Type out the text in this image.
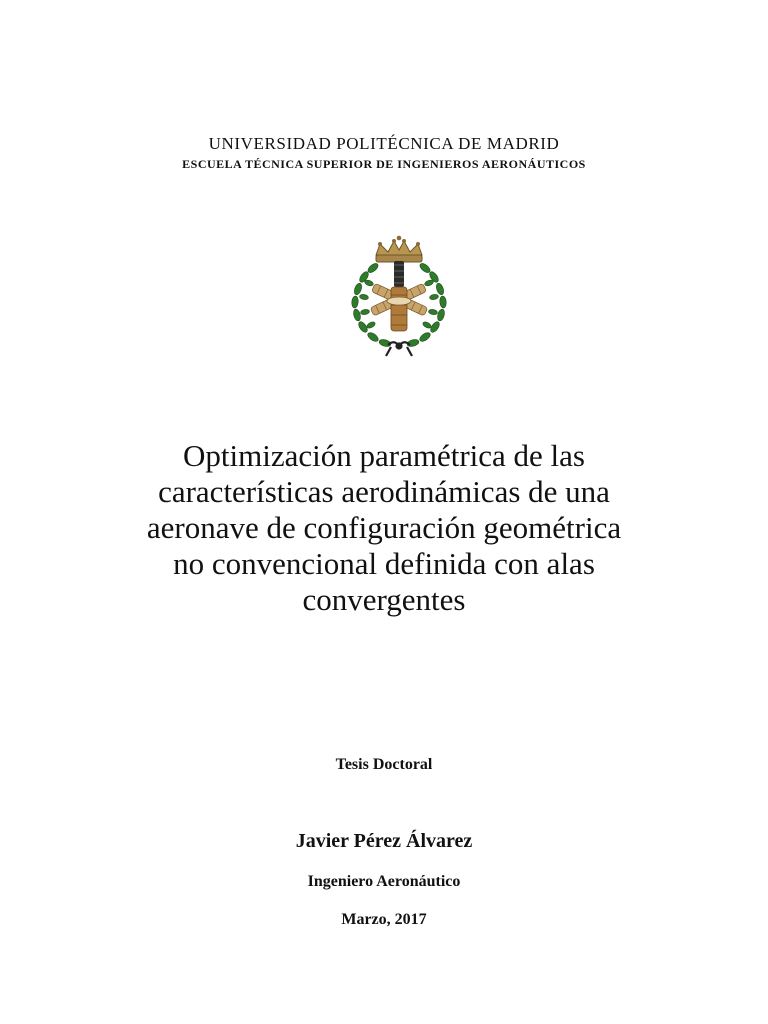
UNIVERSIDAD POLITÉCNICA DE MADRID
ESCUELA TÉCNICA SUPERIOR DE INGENIEROS AERONÁUTICOS
Optimización paramétrica de las
características aerodinámicas de una
aeronave de configuración geométrica
no convencional definida con alas
convergentes
Tesis Doctoral
Javier Pérez Álvarez
Ingeniero Aeronáutico
Marzo, 2017
